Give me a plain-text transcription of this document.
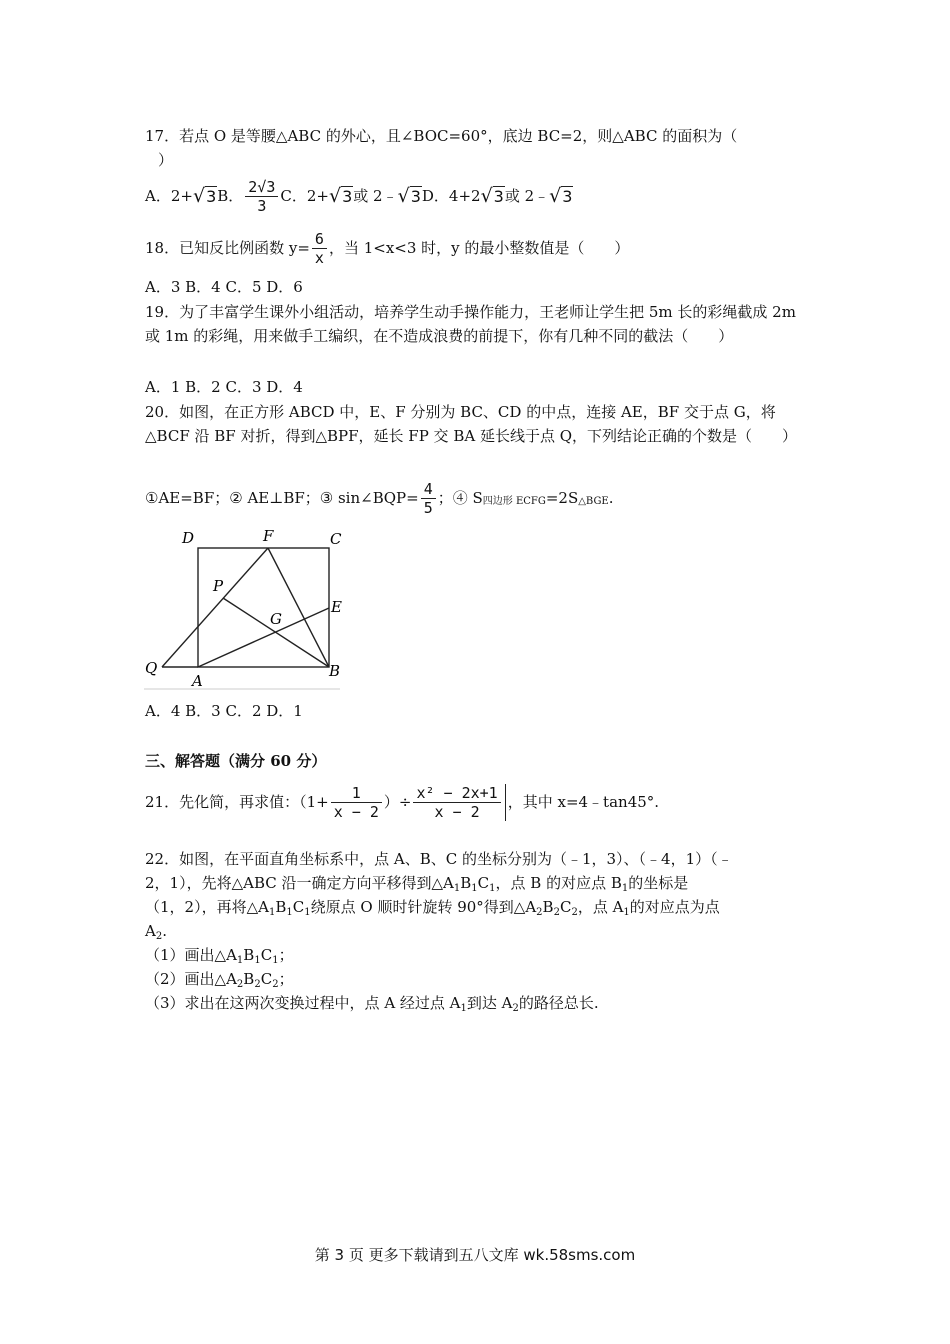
17．若点 O 是等腰△ABC 的外心，且∠BOC=60°，底边 BC=2，则△ABC 的面积为（
）
A．2+ √3 B． $\frac{2√3}{3}$ C．2+ √3 或 2﹣ √3 D．4+2 √3 或 2﹣ √3
18．已知反比例函数 $y= \frac{6}{x}$ ，当 1<x<3 时，y 的最小整数值是（　　）
A．3 B．4 C．5 D．6
19．为了丰富学生课外小组活动，培养学生动手操作能力，王老师让学生把 5m 长的彩绳截成 2m 或 1m 的彩绳，用来做手工编织，在不造成浪费的前提下，你有几种不同的截法（　　）
A．1 B．2 C．3 D．4
20．如图，在正方形 ABCD 中，E、F 分别为 BC、CD 的中点，连接 AE，BF 交于点 G，将△BCF 沿 BF 对折，得到△BPF，延长 FP 交 BA 延长线于点 Q，下列结论正确的个数是（　　）
①AE=BF；② AE⊥BF；③ sin∠BQP= $\frac{4}{5}$ ；④ S 四边形 ECFG =2S △BGE .
D	F	C
P
E
G
Q
A
B
A．4 B．3 C．2 D．1
三、解答题（满分 60 分）
21．先化简，再求值：（$1+ \frac{1}{x - 2}$ ）÷ $\frac{\text{x² − 2x+1}}{x - 2}$ ，其中 x=4﹣tan45°.
22．如图，在平面直角坐标系中，点 A、B、C 的坐标分别为（﹣1，3）、（﹣4，1）（﹣
2，1），先将△ABC 沿一确定方向平移得到$\triangle A_1B_1C_1$，点 B 的对应点 $B_1$的坐标是
（1，2），再将$\triangle A_1B_1C_1$绕原点 O 顺时针旋转 90°得到$\triangle A_2B_2C_2$，点 $A_1$的对应点为点
$A_2$.
（1）画出$\triangle A_1B_1C_1$；
（2）画出$\triangle A_2B_2C_2$；
（3）求出在这两次变换过程中，点 A 经过点 $A_1$到达 $A_2$的路径总长.
第 3 页 更多下载请到五八文库 wk.58sms.com
